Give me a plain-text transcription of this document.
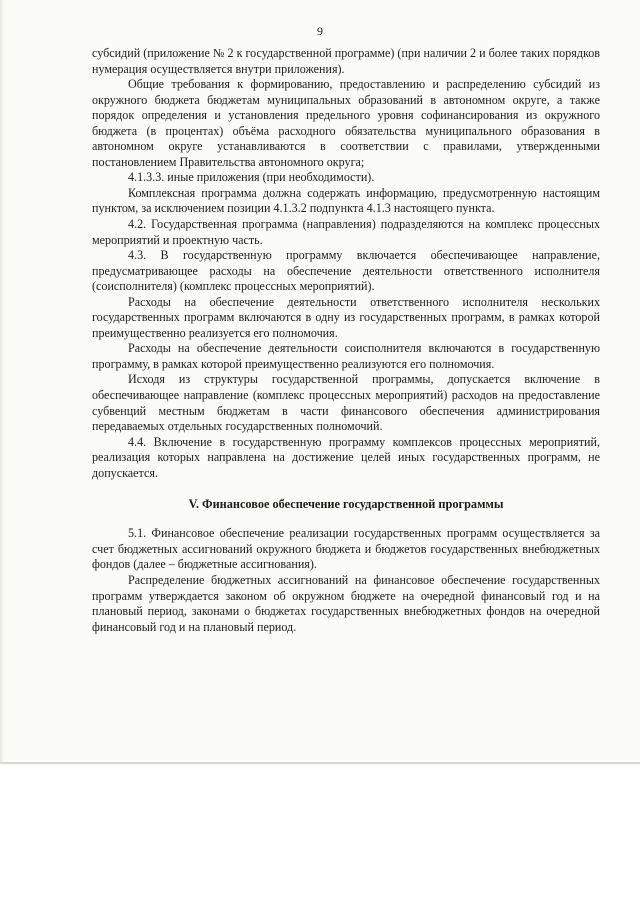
9

субсидий (приложение № 2 к государственной программе) (при наличии 2 и более таких порядков нумерация осуществляется внутри приложения).

Общие требования к формированию, предоставлению и распределению субсидий из окружного бюджета бюджетам муниципальных образований в автономном округе, а также порядок определения и установления предельного уровня софинансирования из окружного бюджета (в процентах) объёма расходного обязательства муниципального образования в автономном округе устанавливаются в соответствии с правилами, утвержденными постановлением Правительства автономного округа;

4.1.3.3. иные приложения (при необходимости).

Комплексная программа должна содержать информацию, предусмотренную настоящим пунктом, за исключением позиции 4.1.3.2 подпункта 4.1.3 настоящего пункта.

4.2. Государственная программа (направления) подразделяются на комплекс процессных мероприятий и проектную часть.

4.3. В государственную программу включается обеспечивающее направление, предусматривающее расходы на обеспечение деятельности ответственного исполнителя (соисполнителя) (комплекс процессных мероприятий).

Расходы на обеспечение деятельности ответственного исполнителя нескольких государственных программ включаются в одну из государственных программ, в рамках которой преимущественно реализуется его полномочия.

Расходы на обеспечение деятельности соисполнителя включаются в государственную программу, в рамках которой преимущественно реализуются его полномочия.

Исходя из структуры государственной программы, допускается включение в обеспечивающее направление (комплекс процессных мероприятий) расходов на предоставление субвенций местным бюджетам в части финансового обеспечения администрирования передаваемых отдельных государственных полномочий.

4.4. Включение в государственную программу комплексов процессных мероприятий, реализация которых направлена на достижение целей иных государственных программ, не допускается.

V. Финансовое обеспечение государственной программы

5.1. Финансовое обеспечение реализации государственных программ осуществляется за счет бюджетных ассигнований окружного бюджета и бюджетов государственных внебюджетных фондов (далее – бюджетные ассигнования).

Распределение бюджетных ассигнований на финансовое обеспечение государственных программ утверждается законом об окружном бюджете на очередной финансовый год и на плановый период, законами о бюджетах государственных внебюджетных фондов на очередной финансовый год и на плановый период.
